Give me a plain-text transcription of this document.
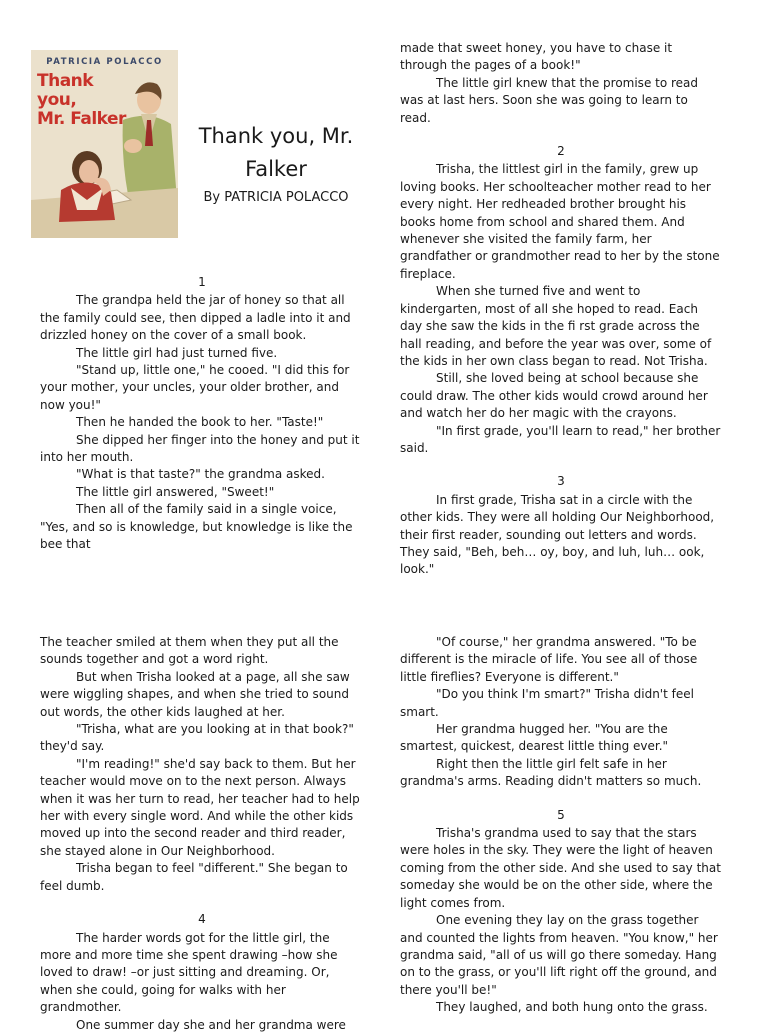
PATRICIA POLACCO
Thank you,
Mr. Falker
Thank you, Mr. Falker
By PATRICIA POLACCO
1

The grandpa held the jar of honey so that all the family could see, then dipped a ladle into it and drizzled honey on the cover of a small book.

The little girl had just turned five.

"Stand up, little one," he cooed. "I did this for your mother, your uncles, your older brother, and now you!"

Then he handed the book to her. "Taste!"

She dipped her finger into the honey and put it into her mouth.

"What is that taste?" the grandma asked.

The little girl answered, "Sweet!"

Then all of the family said in a single voice, "Yes, and so is knowledge, but knowledge is like the bee that

made that sweet honey, you have to chase it through the pages of a book!"

The little girl knew that the promise to read was at last hers. Soon she was going to learn to read.

2

Trisha, the littlest girl in the family, grew up loving books. Her schoolteacher mother read to her every night. Her redheaded brother brought his books home from school and shared them. And whenever she visited the family farm, her grandfather or grandmother read to her by the stone fireplace.

When she turned five and went to kindergarten, most of all she hoped to read. Each day she saw the kids in the fi rst grade across the hall reading, and before the year was over, some of the kids in her own class began to read. Not Trisha.

Still, she loved being at school because she could draw. The other kids would crowd around her and watch her do her magic with the crayons.

"In first grade, you'll learn to read," her brother said.

3

In first grade, Trisha sat in a circle with the other kids. They were all holding Our Neighborhood, their first reader, sounding out letters and words. They said, "Beh, beh… oy, boy, and luh, luh… ook, look."

The teacher smiled at them when they put all the sounds together and got a word right.

But when Trisha looked at a page, all she saw were wiggling shapes, and when she tried to sound out words, the other kids laughed at her.

"Trisha, what are you looking at in that book?" they'd say.

"I'm reading!" she'd say back to them. But her teacher would move on to the next person. Always when it was her turn to read, her teacher had to help her with every single word. And while the other kids moved up into the second reader and third reader, she stayed alone in Our Neighborhood.

Trisha began to feel "different." She began to feel dumb.

4

The harder words got for the little girl, the more and more time she spent drawing –how she loved to draw! –or just sitting and dreaming. Or, when she could, going for walks with her grandmother.

One summer day she and her grandma were

"Of course," her grandma answered. "To be different is the miracle of life. You see all of those little fireflies? Everyone is different."

"Do you think I'm smart?" Trisha didn't feel smart.

Her grandma hugged her. "You are the smartest, quickest, dearest little thing ever."

Right then the little girl felt safe in her grandma's arms. Reading didn't matters so much.

5

Trisha's grandma used to say that the stars were holes in the sky. They were the light of heaven coming from the other side. And she used to say that someday she would be on the other side, where the light comes from.

One evening they lay on the grass together and counted the lights from heaven. "You know," her grandma said, "all of us will go there someday. Hang on to the grass, or you'll lift right off the ground, and there you'll be!"

They laughed, and both hung onto the grass.
